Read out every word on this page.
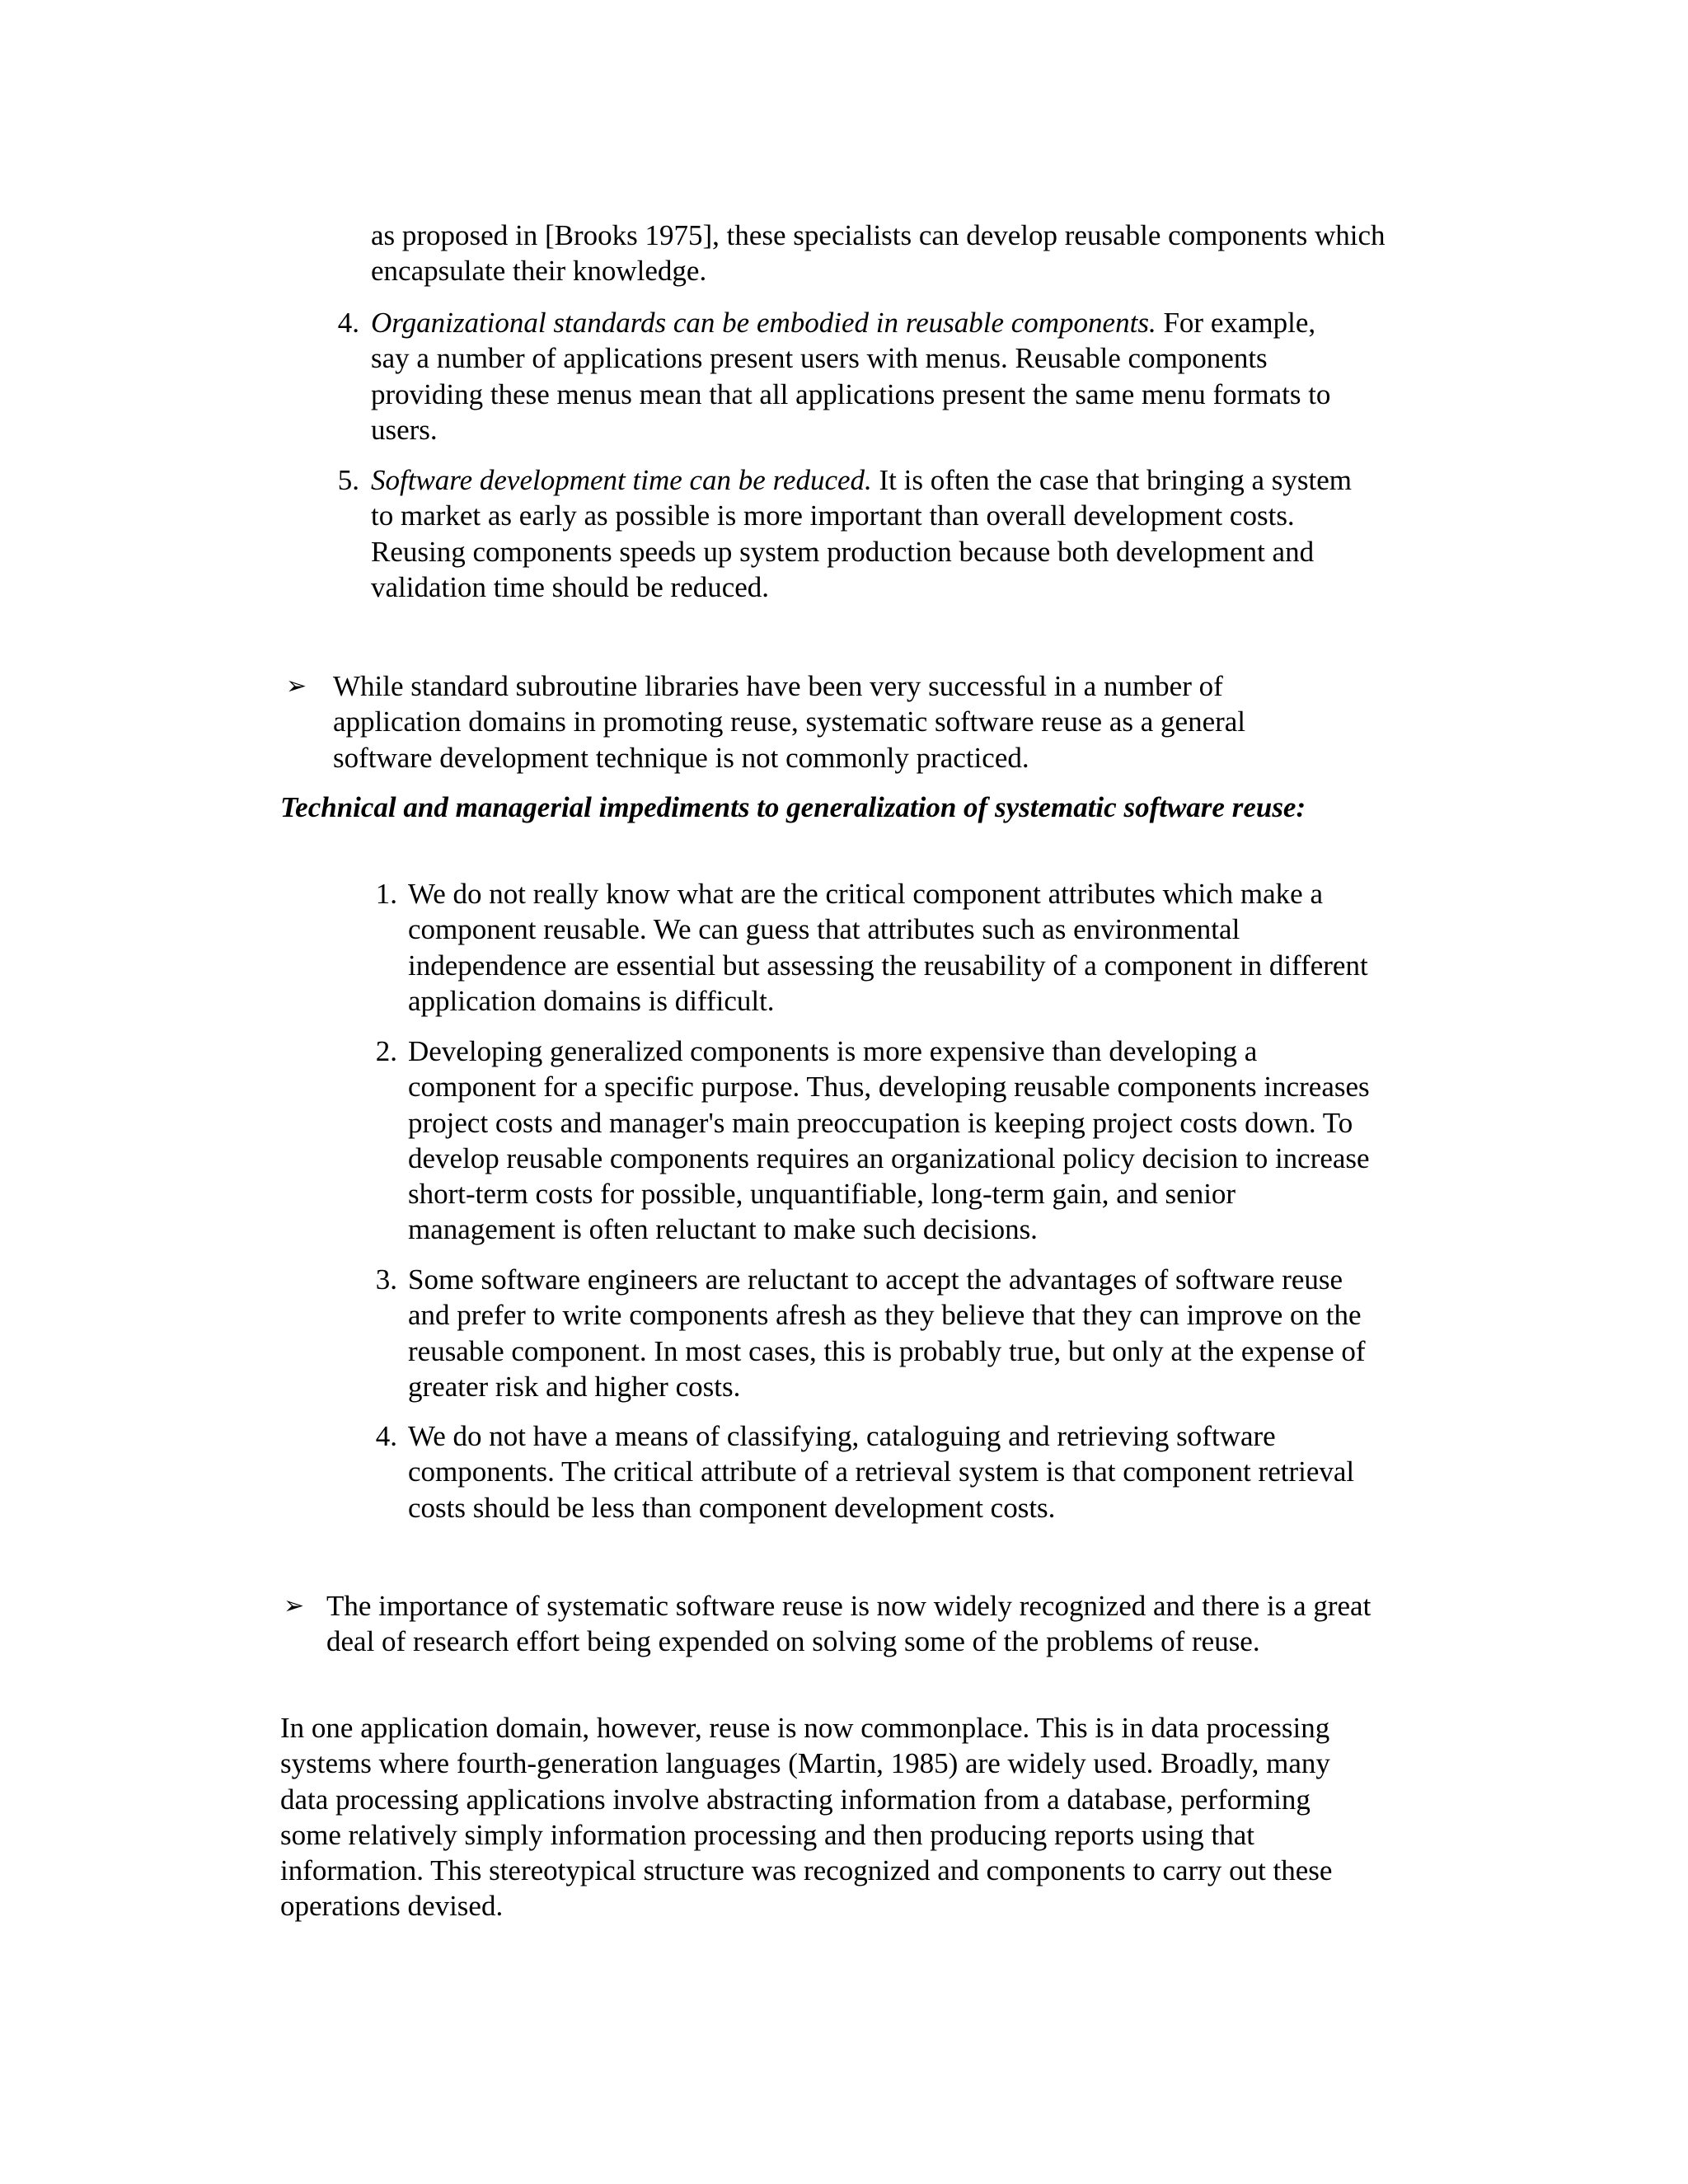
as proposed in [Brooks 1975], these specialists can develop reusable components which encapsulate their knowledge.

4. Organizational standards can be embodied in reusable components. For example, say a number of applications present users with menus. Reusable components providing these menus mean that all applications present the same menu formats to users.

5. Software development time can be reduced. It is often the case that bringing a system to market as early as possible is more important than overall development costs. Reusing components speeds up system production because both development and validation time should be reduced.

➢ While standard subroutine libraries have been very successful in a number of application domains in promoting reuse, systematic software reuse as a general software development technique is not commonly practiced.

Technical and managerial impediments to generalization of systematic software reuse:

1. We do not really know what are the critical component attributes which make a component reusable. We can guess that attributes such as environmental independence are essential but assessing the reusability of a component in different application domains is difficult.

2. Developing generalized components is more expensive than developing a component for a specific purpose. Thus, developing reusable components increases project costs and manager's main preoccupation is keeping project costs down. To develop reusable components requires an organizational policy decision to increase short-term costs for possible, unquantifiable, long-term gain, and senior management is often reluctant to make such decisions.

3. Some software engineers are reluctant to accept the advantages of software reuse and prefer to write components afresh as they believe that they can improve on the reusable component. In most cases, this is probably true, but only at the expense of greater risk and higher costs.

4. We do not have a means of classifying, cataloguing and retrieving software components. The critical attribute of a retrieval system is that component retrieval costs should be less than component development costs.

➢ The importance of systematic software reuse is now widely recognized and there is a great deal of research effort being expended on solving some of the problems of reuse.

In one application domain, however, reuse is now commonplace. This is in data processing systems where fourth-generation languages (Martin, 1985) are widely used. Broadly, many data processing applications involve abstracting information from a database, performing some relatively simply information processing and then producing reports using that information. This stereotypical structure was recognized and components to carry out these operations devised.
